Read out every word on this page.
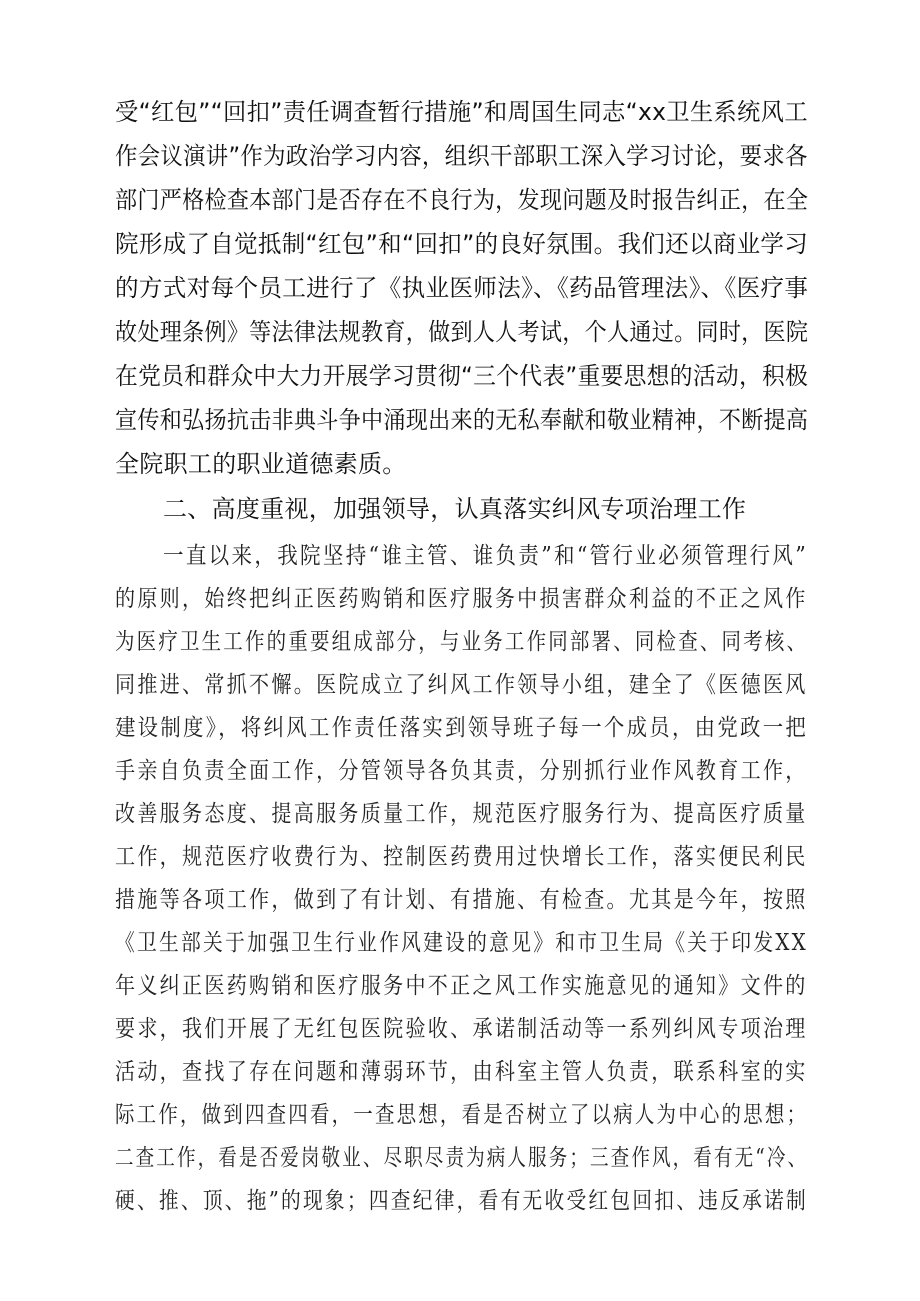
受“红包”“回扣”责任调查暂行措施”和周国生同志“xx卫生系统风工
作会议演讲”作为政治学习内容，组织干部职工深入学习讨论，要求各
部门严格检查本部门是否存在不良行为，发现问题及时报告纠正，在全
院形成了自觉抵制“红包”和“回扣”的良好氛围。我们还以商业学习
的方式对每个员工进行了《执业医师法》、《药品管理法》、《医疗事
故处理条例》等法律法规教育，做到人人考试，个人通过。同时，医院
在党员和群众中大力开展学习贯彻“三个代表”重要思想的活动，积极
宣传和弘扬抗击非典斗争中涌现出来的无私奉献和敬业精神，不断提高
全院职工的职业道德素质。
二、高度重视，加强领导，认真落实纠风专项治理工作
一直以来，我院坚持“谁主管、谁负责”和“管行业必须管理行风”
的原则，始终把纠正医药购销和医疗服务中损害群众利益的不正之风作
为医疗卫生工作的重要组成部分，与业务工作同部署、同检查、同考核、
同推进、常抓不懈。医院成立了纠风工作领导小组，建全了《医德医风
建设制度》，将纠风工作责任落实到领导班子每一个成员，由党政一把
手亲自负责全面工作，分管领导各负其责，分别抓行业作风教育工作，
改善服务态度、提高服务质量工作，规范医疗服务行为、提高医疗质量
工作，规范医疗收费行为、控制医药费用过快增长工作，落实便民利民
措施等各项工作，做到了有计划、有措施、有检查。尤其是今年，按照
《卫生部关于加强卫生行业作风建设的意见》和市卫生局《关于印发XX
年义纠正医药购销和医疗服务中不正之风工作实施意见的通知》文件的
要求，我们开展了无红包医院验收、承诺制活动等一系列纠风专项治理
活动，查找了存在问题和薄弱环节，由科室主管人负责，联系科室的实
际工作，做到四查四看，一查思想，看是否树立了以病人为中心的思想；
二查工作，看是否爱岗敬业、尽职尽责为病人服务；三查作风，看有无“冷、
硬、推、顶、拖”的现象；四查纪律，看有无收受红包回扣、违反承诺制
